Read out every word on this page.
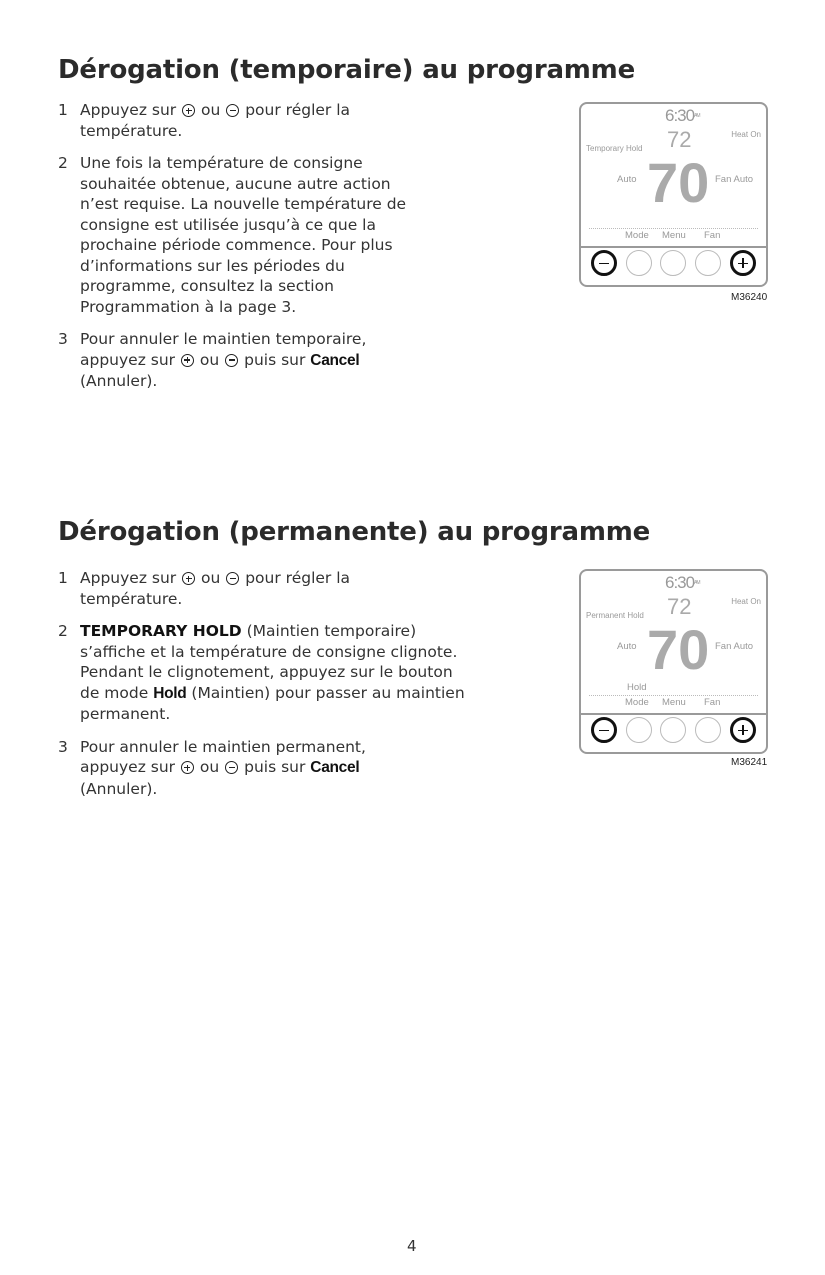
Dérogation (temporaire) au programme
1 Appuyez sur ou pour régler la température.
2 Une fois la température de consigne souhaitée obtenue, aucune autre action n’est requise. La nouvelle température de consigne est utilisée jusqu’à ce que la prochaine période commence. Pour plus d’informations sur les périodes du programme, consultez la section Programmation à la page 3.
3 Pour annuler le maintien temporaire, appuyez sur ou puis sur Cancel (Annuler).
$6:30^{AM}$
Heat On
Temporary Hold 72
Auto 70 Fan Auto
Mode Menu Fan
M36240
Dérogation (permanente) au programme
1 Appuyez sur ou pour régler la température.
2 TEMPORARY HOLD (Maintien temporaire) s’affiche et la température de consigne clignote. Pendant le clignotement, appuyez sur le bouton de mode Hold (Maintien) pour passer au maintien permanent.
3 Pour annuler le maintien permanent, appuyez sur ou puis sur Cancel (Annuler).
$6:30^{AM}$
Heat On
Permanent Hold 72
Auto 70 Fan Auto
Hold
Mode Menu Fan
M36241
4
